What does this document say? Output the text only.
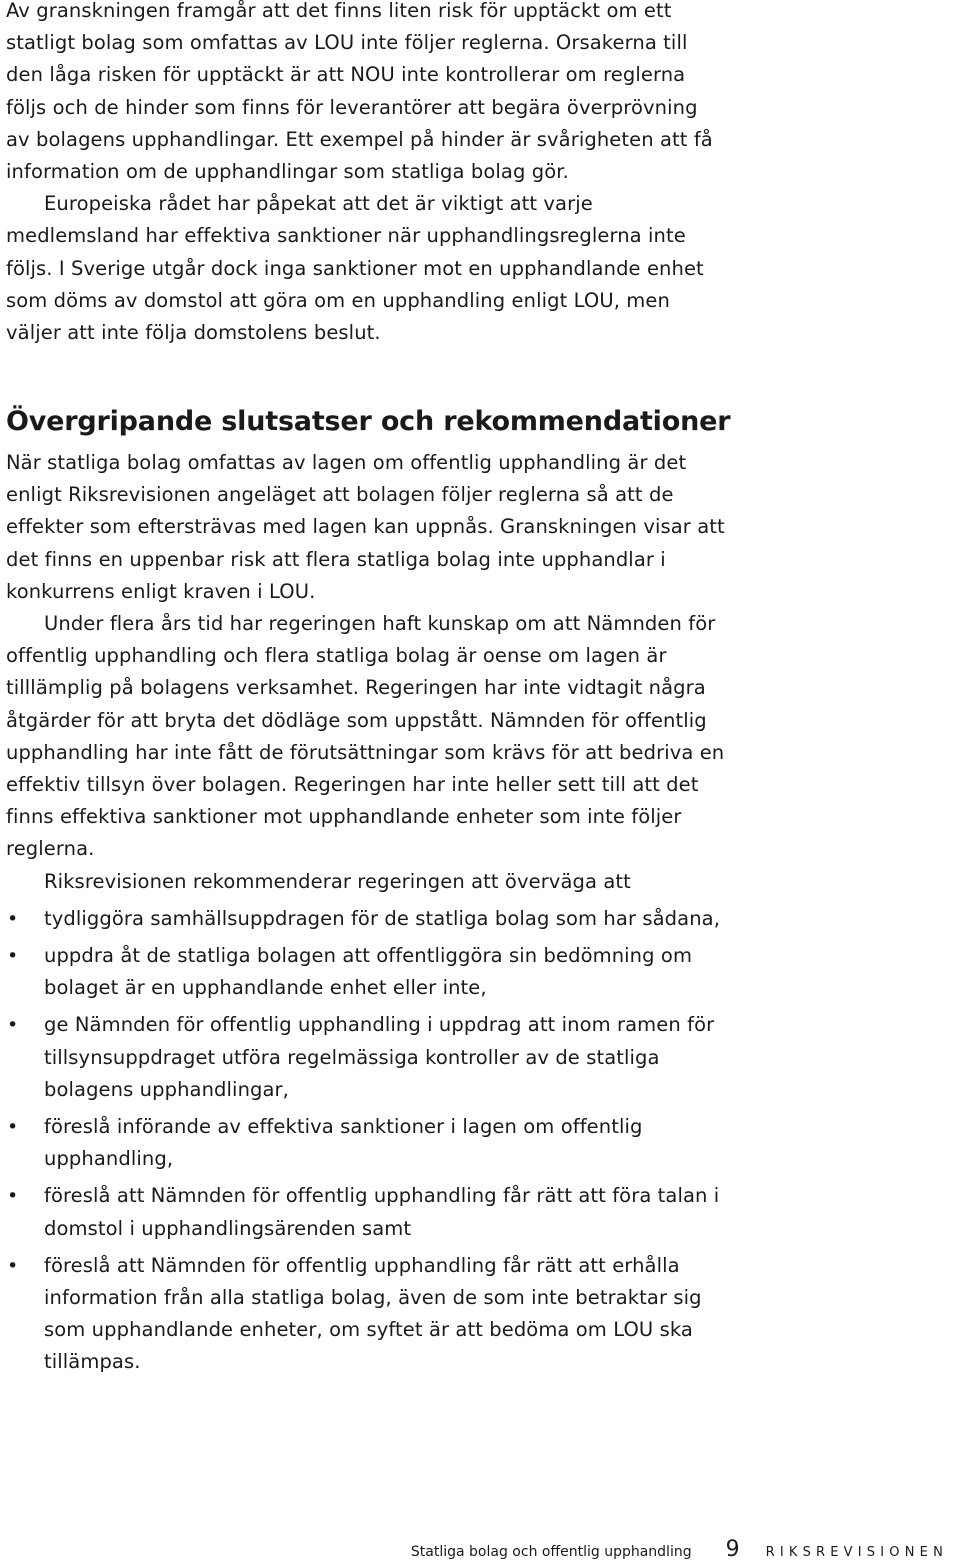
Av granskningen framgår att det finns liten risk för upptäckt om ett statligt bolag som omfattas av LOU inte följer reglerna. Orsakerna till den låga risken för upptäckt är att NOU inte kontrollerar om reglerna följs och de hinder som finns för leverantörer att begära överprövning av bolagens upphandlingar. Ett exempel på hinder är svårigheten att få information om de upphandlingar som statliga bolag gör.

Europeiska rådet har påpekat att det är viktigt att varje medlemsland har effektiva sanktioner när upphandlingsreglerna inte följs. I Sverige utgår dock inga sanktioner mot en upphandlande enhet som döms av domstol att göra om en upphandling enligt LOU, men väljer att inte följa domstolens beslut.

Övergripande slutsatser och rekommendationer

När statliga bolag omfattas av lagen om offentlig upphandling är det enligt Riksrevisionen angeläget att bolagen följer reglerna så att de effekter som eftersträvas med lagen kan uppnås. Granskningen visar att det finns en uppenbar risk att flera statliga bolag inte upphandlar i konkurrens enligt kraven i LOU.

Under flera års tid har regeringen haft kunskap om att Nämnden för offentlig upphandling och flera statliga bolag är oense om lagen är tilllämplig på bolagens verksamhet. Regeringen har inte vidtagit några åtgärder för att bryta det dödläge som uppstått. Nämnden för offentlig upphandling har inte fått de förutsättningar som krävs för att bedriva en effektiv tillsyn över bolagen. Regeringen har inte heller sett till att det finns effektiva sanktioner mot upphandlande enheter som inte följer reglerna.

Riksrevisionen rekommenderar regeringen att överväga att

• tydliggöra samhällsuppdragen för de statliga bolag som har sådana,
• uppdra åt de statliga bolagen att offentliggöra sin bedömning om bolaget är en upphandlande enhet eller inte,
• ge Nämnden för offentlig upphandling i uppdrag att inom ramen för tillsynsuppdraget utföra regelmässiga kontroller av de statliga bolagens upphandlingar,
• föreslå införande av effektiva sanktioner i lagen om offentlig upphandling,
• föreslå att Nämnden för offentlig upphandling får rätt att föra talan i domstol i upphandlingsärenden samt
• föreslå att Nämnden för offentlig upphandling får rätt att erhålla information från alla statliga bolag, även de som inte betraktar sig som upphandlande enheter, om syftet är att bedöma om LOU ska tillämpas.
Statliga bolag och offentlig upphandling 9 RIKSREVISIONEN
